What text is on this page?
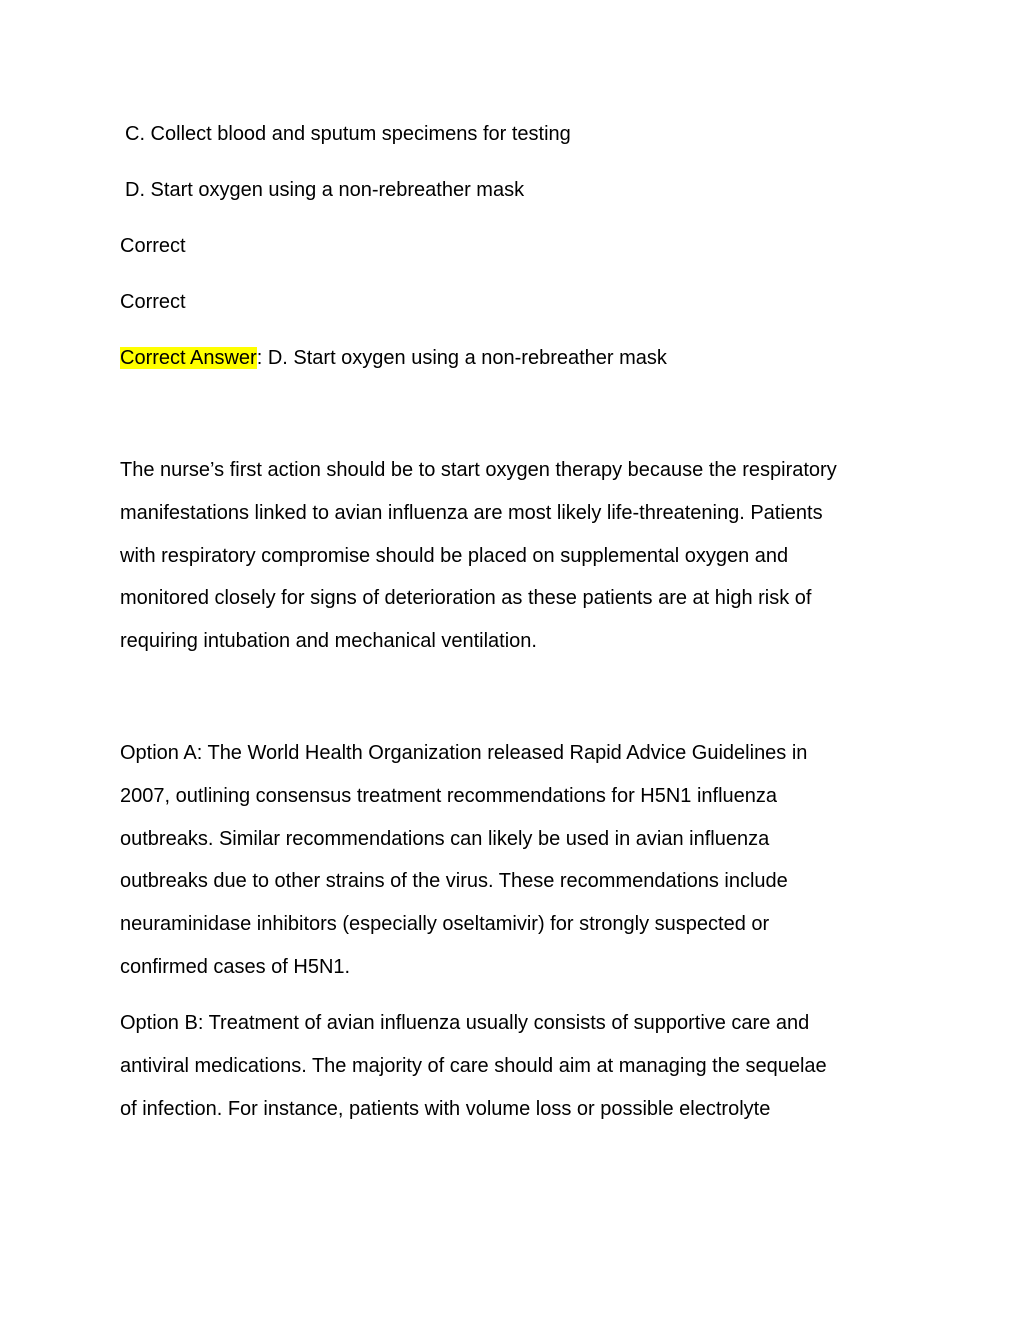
C. Collect blood and sputum specimens for testing
D. Start oxygen using a non-rebreather mask
Correct
Correct
Correct Answer: D. Start oxygen using a non-rebreather mask

The nurse’s first action should be to start oxygen therapy because the respiratory

manifestations linked to avian influenza are most likely life-threatening. Patients

with respiratory compromise should be placed on supplemental oxygen and

monitored closely for signs of deterioration as these patients are at high risk of

requiring intubation and mechanical ventilation.

Option A: The World Health Organization released Rapid Advice Guidelines in

2007, outlining consensus treatment recommendations for H5N1 influenza

outbreaks. Similar recommendations can likely be used in avian influenza

outbreaks due to other strains of the virus. These recommendations include

neuraminidase inhibitors (especially oseltamivir) for strongly suspected or

confirmed cases of H5N1.

Option B: Treatment of avian influenza usually consists of supportive care and

antiviral medications. The majority of care should aim at managing the sequelae

of infection. For instance, patients with volume loss or possible electrolyte
